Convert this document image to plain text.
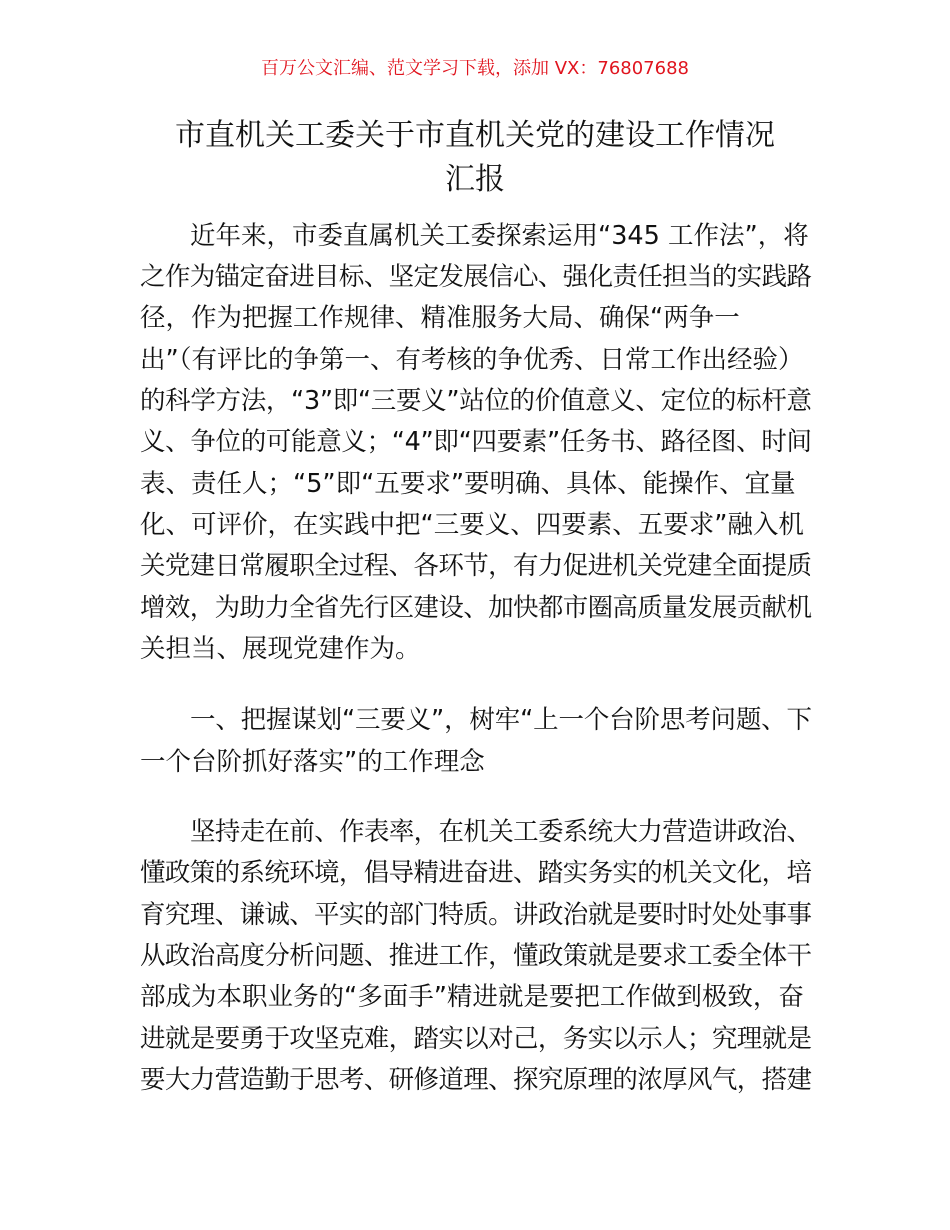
百万公文汇编、范文学习下载，添加 VX：76807688
市直机关工委关于市直机关党的建设工作情况
汇报
近年来，市委直属机关工委探索运用“345 工作法”，将
之作为锚定奋进目标、坚定发展信心、强化责任担当的实践路
径，作为把握工作规律、精准服务大局、确保“两争一
出”（有评比的争第一、有考核的争优秀、日常工作出经验）
的科学方法，“3”即“三要义”站位的价值意义、定位的标杆意
义、争位的可能意义；“4”即“四要素”任务书、路径图、时间
表、责任人；“5”即“五要求”要明确、具体、能操作、宜量
化、可评价，在实践中把“三要义、四要素、五要求”融入机
关党建日常履职全过程、各环节，有力促进机关党建全面提质
增效，为助力全省先行区建设、加快都市圈高质量发展贡献机
关担当、展现党建作为。
一、把握谋划“三要义”，树牢“上一个台阶思考问题、下
一个台阶抓好落实”的工作理念
坚持走在前、作表率，在机关工委系统大力营造讲政治、
懂政策的系统环境，倡导精进奋进、踏实务实的机关文化，培
育究理、谦诚、平实的部门特质。讲政治就是要时时处处事事
从政治高度分析问题、推进工作，懂政策就是要求工委全体干
部成为本职业务的“多面手”精进就是要把工作做到极致，奋
进就是要勇于攻坚克难，踏实以对己，务实以示人；究理就是
要大力营造勤于思考、研修道理、探究原理的浓厚风气，搭建
